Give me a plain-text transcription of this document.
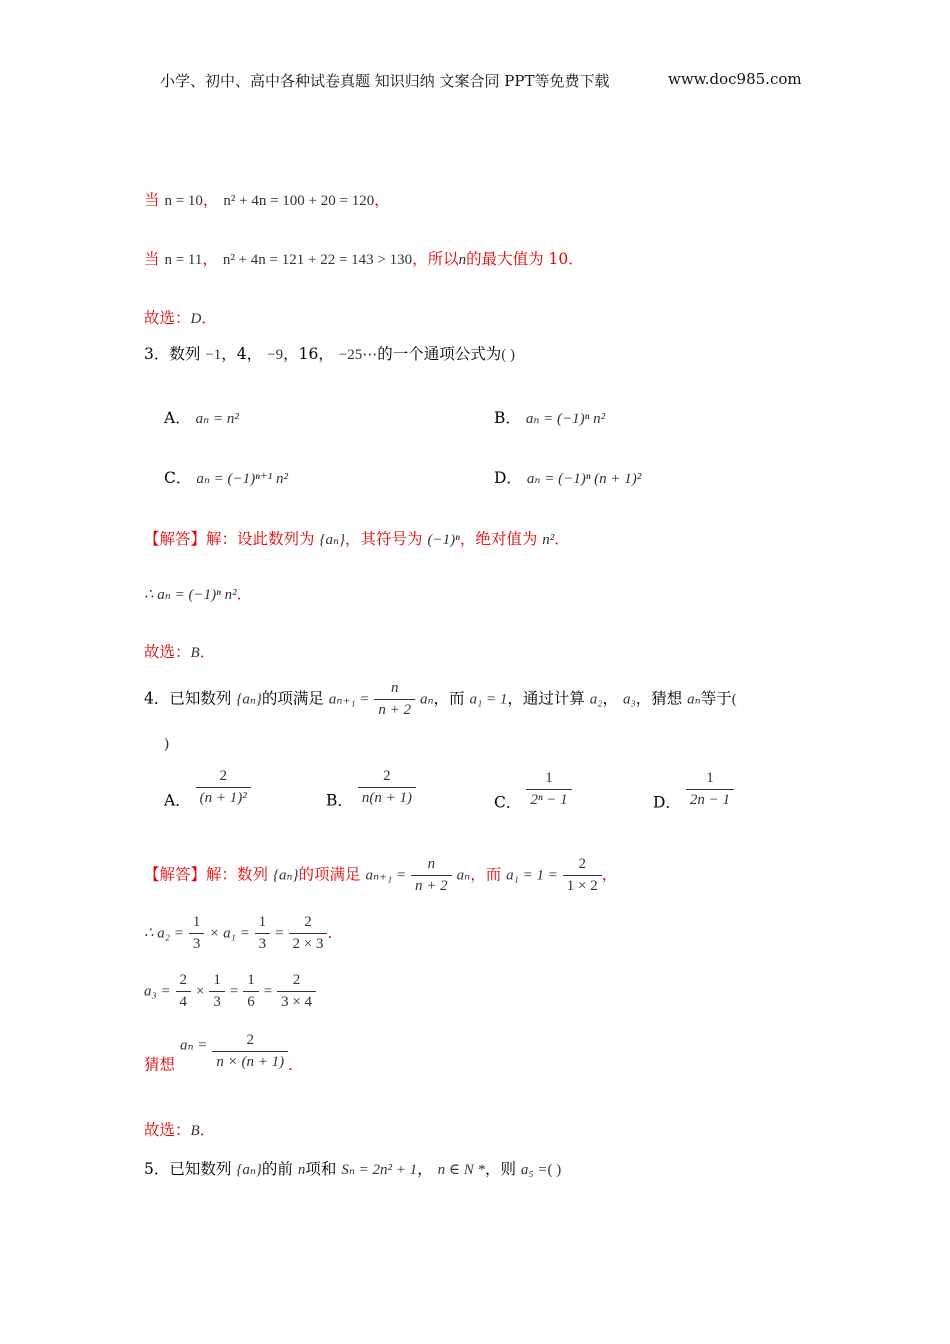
小学、初中、高中各种试卷真题 知识归纳 文案合同 PPT等免费下载	www.doc985.com
当 n = 10， n² + 4n = 100 + 20 = 120，
当 n = 11， n² + 4n = 121 + 22 = 143 > 130，所以n的最大值为 10．
故选：D．
3．数列 −1，4， −9，16， −25⋯的一个通项公式为( )
A． aₙ = n²	B． aₙ = (−1)ⁿ n²
C． aₙ = (−1)ⁿ⁺¹ n²	D． aₙ = (−1)ⁿ (n + 1)²
【解答】解：设此数列为 {aₙ}，其符号为 (−1)ⁿ，绝对值为 n²．
∴ aₙ = (−1)ⁿ n²．
故选：B．
4．已知数列 {aₙ}的项满足 $a_{n+1} = \frac{n}{n + 2}$ aₙ，而 a₁ = 1，通过计算 a₂， a₃，猜想 aₙ等于(
)
A． $\frac{2}{\text{(n + 1)²}}$	B． $\frac{2}{n(n + 1)}$	C． $\frac{1}{\text{2ⁿ − 1}}$	D． $\frac{1}{2n - 1}$
【解答】解：数列 {aₙ}的项满足 $a_{n+1} = \frac{n}{n + 2}$ aₙ，而 $a_1 = 1 = \frac{2}{1 \times 2}$ ，
∴ $a_2 = \frac{1}{3} \times a_1 = \frac{1}{3} = \frac{2}{2 \times 3}$ ．
$a_3 = \frac{2}{4} \times \frac{1}{3} = \frac{1}{6} = \frac{2}{3 \times 4}$
猜想 $a_n = \frac{2}{n \times (n + 1)}$ ．
故选：B．
5．已知数列 {aₙ}的前 n项和 Sₙ = 2n² + 1， n ∈ N *，则 a₅ =( )
